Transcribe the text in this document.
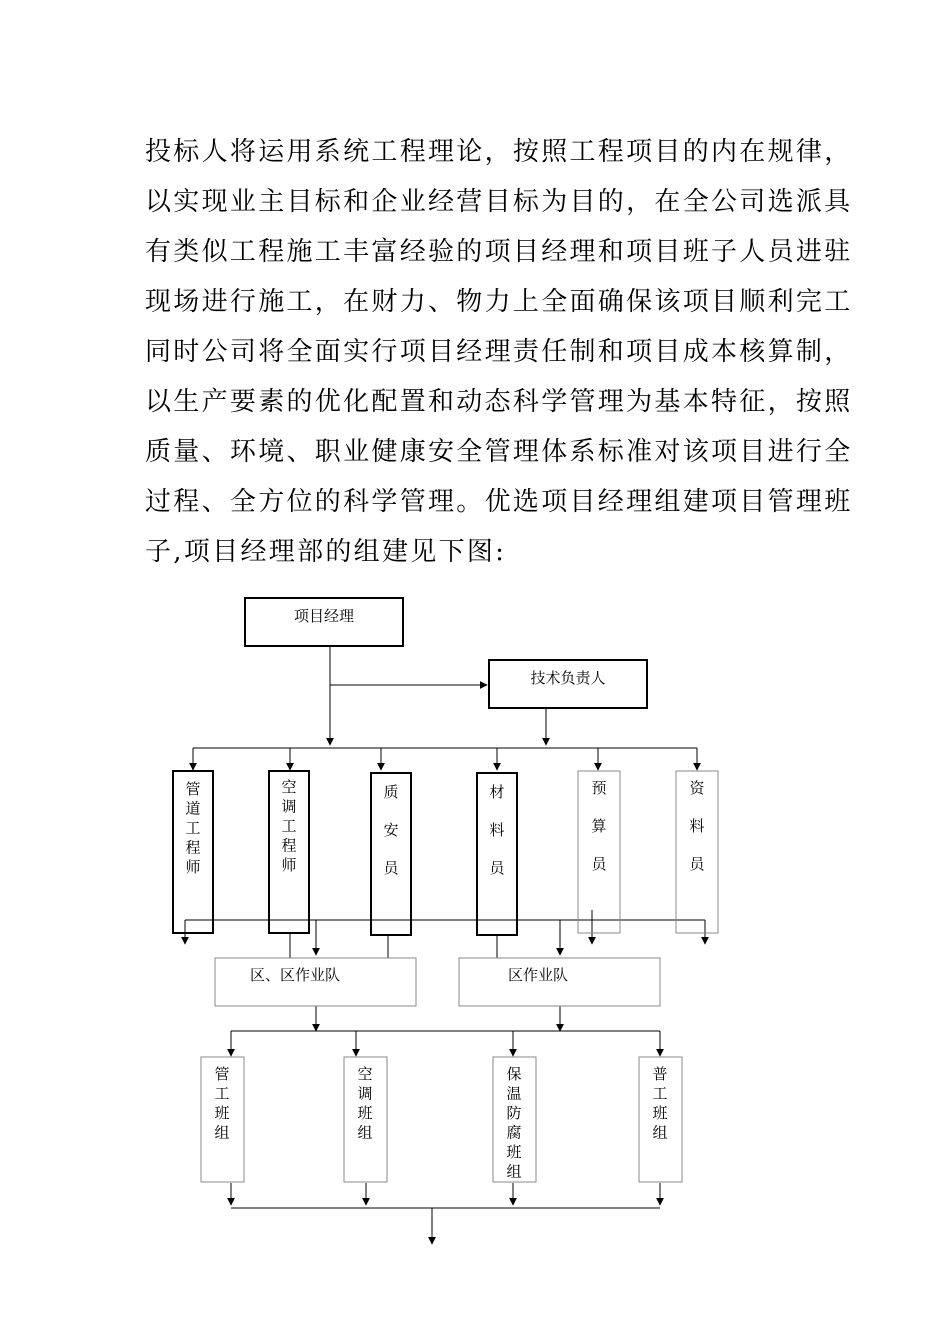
投标人将运用系统工程理论，按照工程项目的内在规律，
以实现业主目标和企业经营目标为目的，在全公司选派具
有类似工程施工丰富经验的项目经理和项目班子人员进驻
现场进行施工，在财力、物力上全面确保该项目顺利完工
同时公司将全面实行项目经理责任制和项目成本核算制，
以生产要素的优化配置和动态科学管理为基本特征，按照
质量、环境、职业健康安全管理体系标准对该项目进行全
过程、全方位的科学管理。优选项目经理组建项目管理班
子,项目经理部的组建见下图:
项目经理
技术负责人
管道工程师
空调工程师
质安员
材料员
预算员
资料员
区、区作业队	区作业队
管工班组
空调班组
保温防腐班组
普工班组
